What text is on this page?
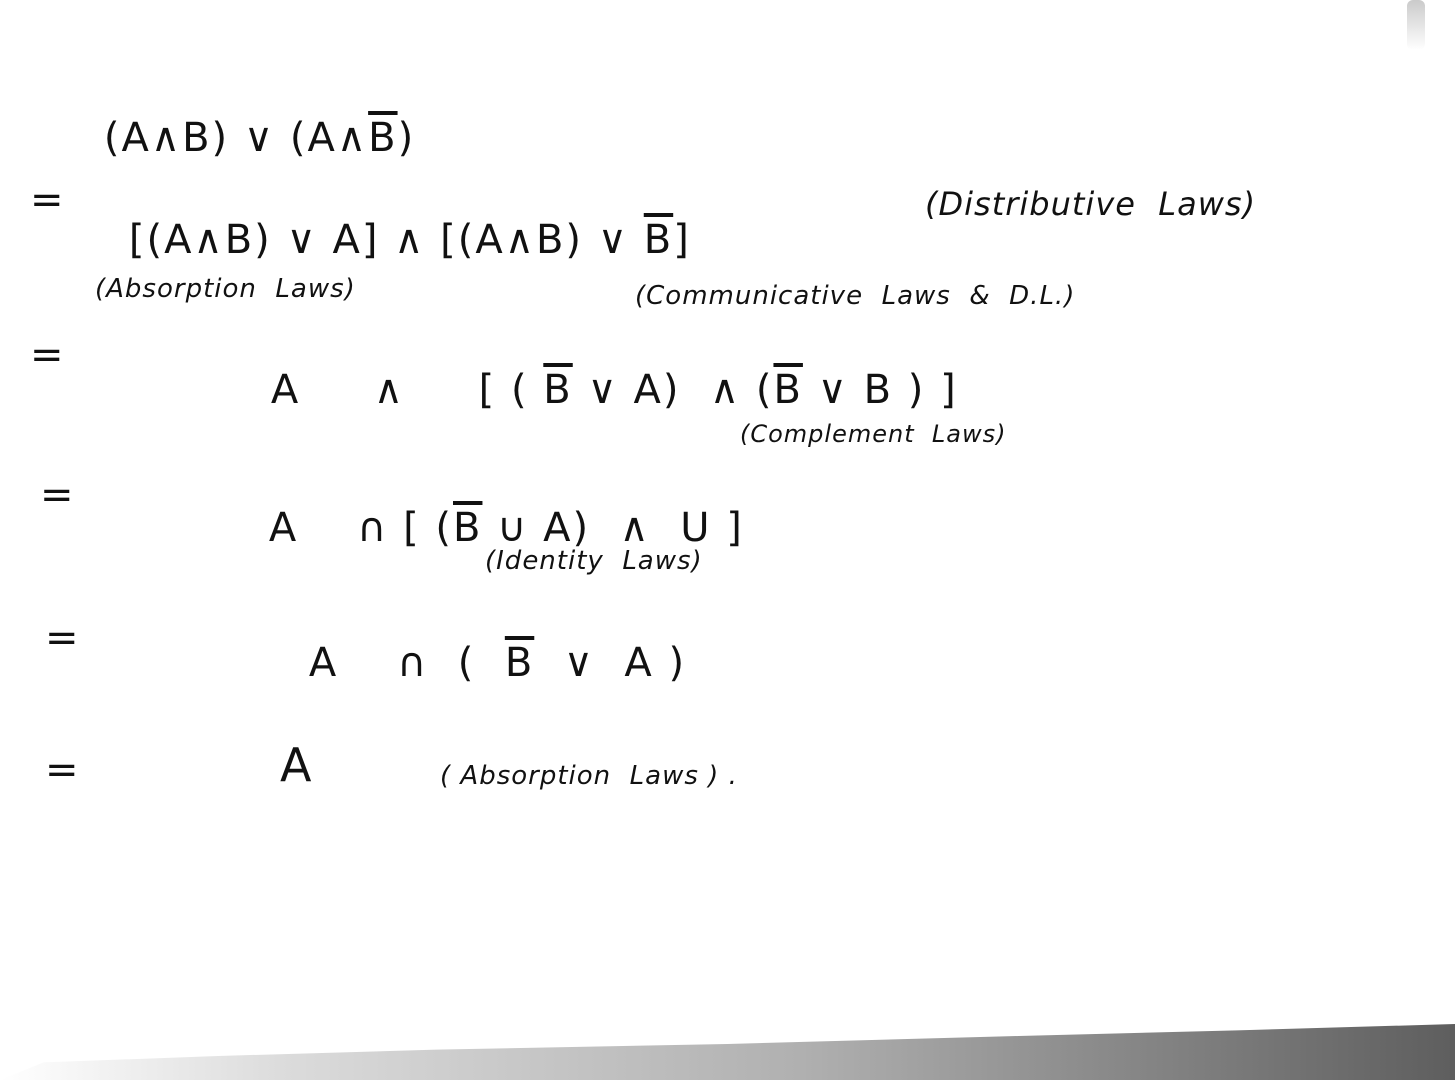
(A∧B) ∨ $(A\wedge\overline{B})$

=

[(A∧B) ∨ A] ∧ [(A∧B) ∨ $\overline{B}$]

(Distributive  Laws)
(Absorption  Laws)	(Communicative  Laws  &  D.L.)
=

A     ∧     [ ( $\overline{B}$ ∨ A)  ∧ ($\overline{B}$ ∨ B ) ]

(Complement  Laws)
=

A    ∩ [ ($\overline{B}$ ∪ A)  ∧  U ]

(Identity  Laws)
=

A    ∩  (  $\overline{B}$  ∨  A )

=	A	( Absorption  Laws ) .
